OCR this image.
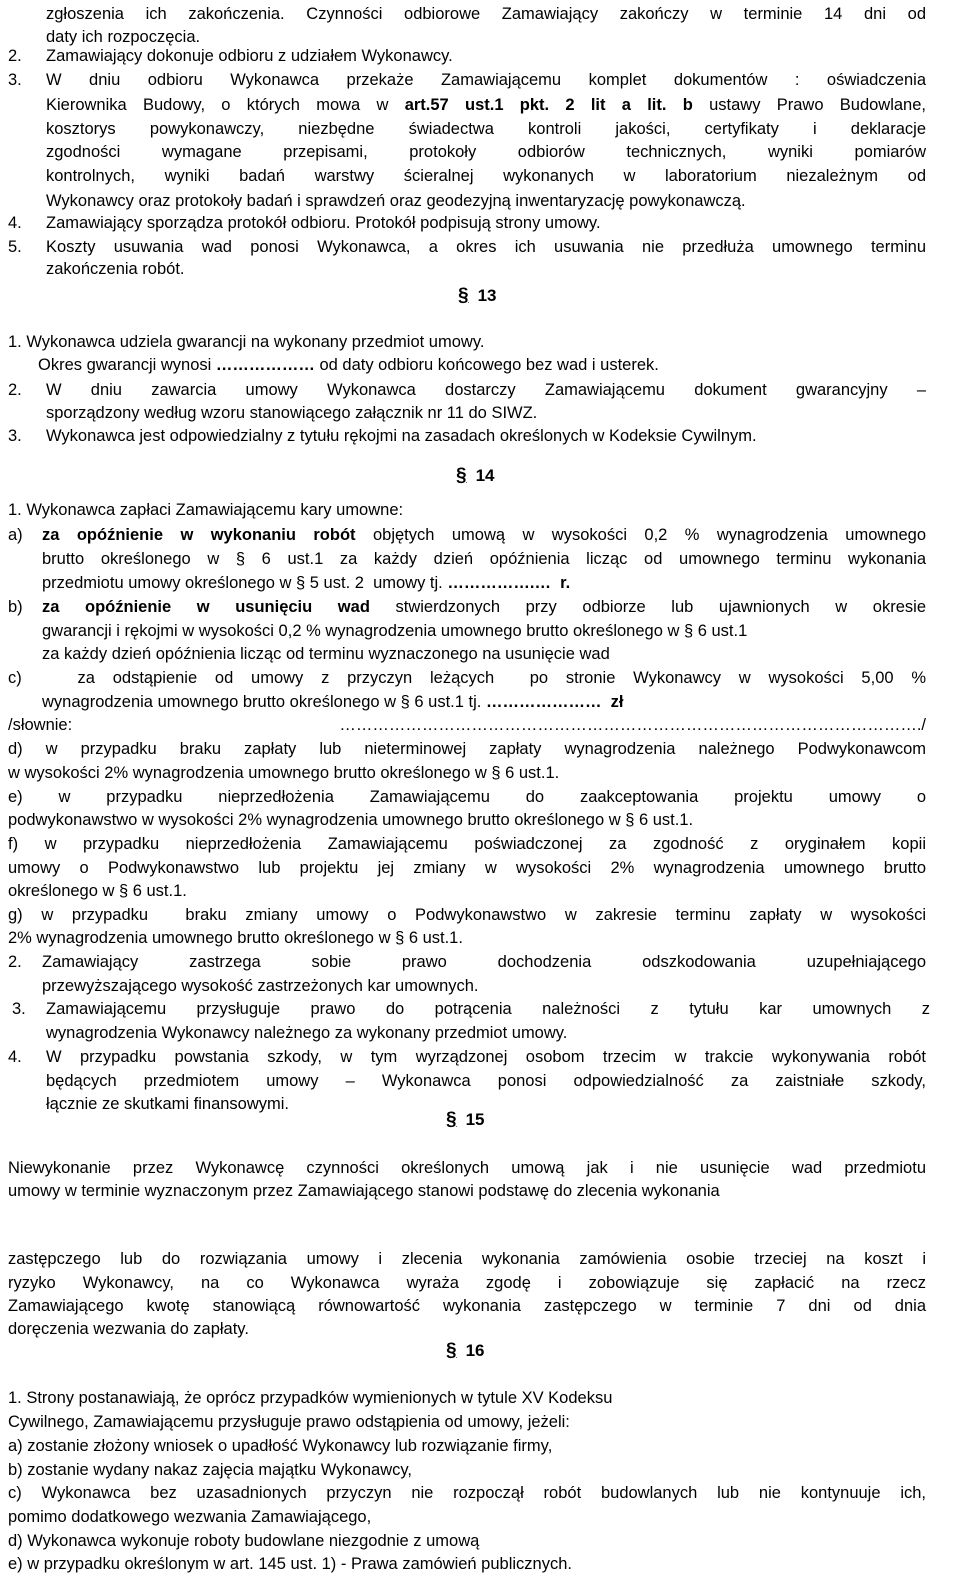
zgłoszenia ich zakończenia. Czynności odbiorowe Zamawiający zakończy w terminie 14 dni od
daty ich rozpoczęcia.
2.	Zamawiający dokonuje odbioru z udziałem Wykonawcy.
3.	W dniu odbioru Wykonawca przekaże Zamawiającemu komplet dokumentów : oświadczenia
Kierownika Budowy, o których mowa w art.57 ust.1 pkt. 2 lit a lit. b ustawy Prawo Budowlane,
kosztorys powykonawczy, niezbędne świadectwa kontroli jakości, certyfikaty i deklaracje
zgodności wymagane przepisami, protokoły odbiorów technicznych, wyniki pomiarów
kontrolnych, wyniki badań warstwy ścieralnej wykonanych w laboratorium niezależnym od
Wykonawcy oraz protokoły badań i sprawdzeń oraz geodezyjną inwentaryzację powykonawczą.
4.	Zamawiający sporządza protokół odbioru. Protokół podpisują strony umowy.
5.	Koszty usuwania wad ponosi Wykonawca, a okres ich usuwania nie przedłuża umownego terminu
zakończenia robót.
1. Wykonawca udziela gwarancji na wykonany przedmiot umowy.
Okres gwarancji wynosi ……………… od daty odbioru końcowego bez wad i usterek.
2.	W dniu zawarcia umowy Wykonawca dostarczy Zamawiającemu dokument gwarancyjny –
sporządzony według wzoru stanowiącego załącznik nr 11 do SIWZ.
3.	Wykonawca jest odpowiedzialny z tytułu rękojmi na zasadach określonych w Kodeksie Cywilnym.
1. Wykonawca zapłaci Zamawiającemu kary umowne:
a)	za opóźnienie w wykonaniu robót objętych umową w wysokości 0,2 % wynagrodzenia umownego
brutto określonego w § 6 ust.1 za każdy dzień opóźnienia licząc od umownego terminu wykonania
przedmiotu umowy określonego w § 5 ust. 2  umowy tj. …………….…  r.
b)	za opóźnienie w usunięciu wad stwierdzonych przy odbiorze lub ujawnionych w okresie
gwarancji i rękojmi w wysokości 0,2 % wynagrodzenia umownego brutto określonego w § 6 ust.1
za każdy dzień opóźnienia licząc od terminu wyznaczonego na usunięcie wad
c)	za odstąpienie od umowy z przyczyn leżących  po stronie Wykonawcy w wysokości 5,00 %
wynagrodzenia umownego brutto określonego w § 6 ust.1 tj. …………………  zł
/słownie: ……………………………………………………………………………………………./
d) w przypadku braku zapłaty lub nieterminowej zapłaty wynagrodzenia należnego Podwykonawcom
w wysokości 2% wynagrodzenia umownego brutto określonego w § 6 ust.1.
e) w przypadku nieprzedłożenia Zamawiającemu do zaakceptowania projektu umowy o
podwykonawstwo w wysokości 2% wynagrodzenia umownego brutto określonego w § 6 ust.1.
f) w przypadku nieprzedłożenia Zamawiającemu poświadczonej za zgodność z oryginałem kopii
umowy o Podwykonawstwo lub projektu jej zmiany w wysokości 2% wynagrodzenia umownego brutto
określonego w § 6 ust.1.
g) w przypadku  braku zmiany umowy o Podwykonawstwo w zakresie terminu zapłaty w wysokości
2% wynagrodzenia umownego brutto określonego w § 6 ust.1.
2.	Zamawiający zastrzega sobie prawo dochodzenia odszkodowania uzupełniającego
przewyższającego wysokość zastrzeżonych kar umownych.
3.	Zamawiającemu przysługuje prawo do potrącenia należności z tytułu kar umownych z
wynagrodzenia Wykonawcy należnego za wykonany przedmiot umowy.
4.	W przypadku powstania szkody, w tym wyrządzonej osobom trzecim w trakcie wykonywania robót
będących przedmiotem umowy – Wykonawca ponosi odpowiedzialność za zaistniałe szkody,
łącznie ze skutkami finansowymi.
Niewykonanie przez Wykonawcę czynności określonych umową jak i nie usunięcie wad przedmiotu
umowy w terminie wyznaczonym przez Zamawiającego stanowi podstawę do zlecenia wykonania
zastępczego lub do rozwiązania umowy i zlecenia wykonania zamówienia osobie trzeciej na koszt i
ryzyko Wykonawcy, na co Wykonawca wyraża zgodę i zobowiązuje się zapłacić na rzecz
Zamawiającego kwotę stanowiącą równowartość wykonania zastępczego w terminie 7 dni od dnia
doręczenia wezwania do zapłaty.
1. Strony postanawiają, że oprócz przypadków wymienionych w tytule XV Kodeksu
Cywilnego, Zamawiającemu przysługuje prawo odstąpienia od umowy, jeżeli:
a) zostanie złożony wniosek o upadłość Wykonawcy lub rozwiązanie firmy,
b) zostanie wydany nakaz zajęcia majątku Wykonawcy,
c) Wykonawca bez uzasadnionych przyczyn nie rozpoczął robót budowlanych lub nie kontynuuje ich,
pomimo dodatkowego wezwania Zamawiającego,
d) Wykonawca wykonuje roboty budowlane niezgodnie z umową
e) w przypadku określonym w art. 145 ust. 1) - Prawa zamówień publicznych.
§ 13
§ 14
§ 15
§ 16
